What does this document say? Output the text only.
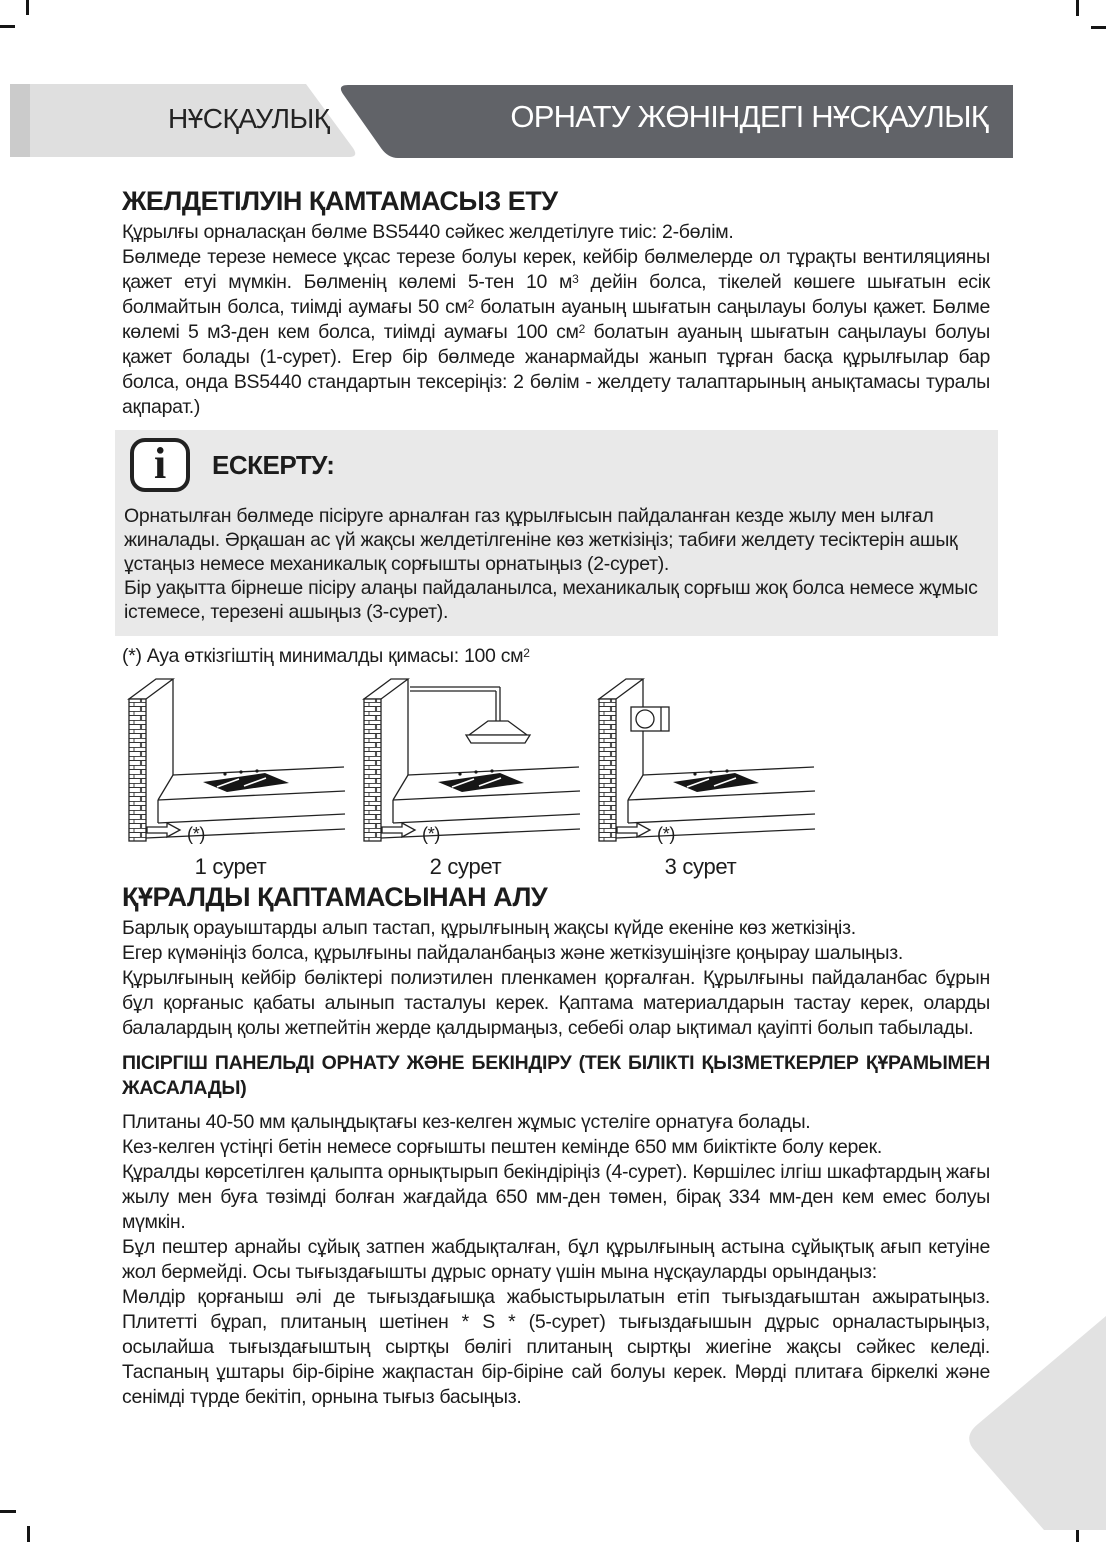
НҰСҚАУЛЫҚ	ОРНАТУ ЖӨНІНДЕГІ НҰСҚАУЛЫҚ
ЖЕЛДЕТІЛУІН ҚАМТАМАСЫЗ ЕТУ

Құрылғы орналасқан бөлме BS5440 сәйкес желдетілуге тиіс: 2-бөлім.

Бөлмеде терезе немесе ұқсас терезе болуы керек, кейбір бөлмелерде ол тұрақты вентиляцияны қажет етуі мүмкін. Бөлменің көлемі 5-тен 10 $м^3$ дейін болса, тікелей көшеге шығатын есік болмайтын болса, тиімді аумағы 50 $см^2$ болатын ауаның шығатын саңылауы болуы қажет. Бөлме көлемі 5 м3-ден кем болса, тиімді аумағы 100 $см^2$ болатын ауаның шығатын саңылауы болуы қажет болады (1-сурет). Егер бір бөлмеде жанармайды жанып тұрған басқа құрылғылар бар болса, онда BS5440 стандартын тексеріңіз: 2 бөлім - желдету талаптарының анықтамасы туралы ақпарат.)

i ЕСКЕРТУ:

Орнатылған бөлмеде пісіруге арналған газ құрылғысын пайдаланған кезде жылу мен ылғал жиналады. Әрқашан ас үй жақсы желдетілгеніне көз жеткізіңіз; табиғи желдету тесіктерін ашық ұстаңыз немесе механикалық сорғышты орнатыңыз (2-сурет).

Бір уақытта бірнеше пісіру алаңы пайдаланылса, механикалық сорғыш жоқ болса немесе жұмыс істемесе, терезені ашыңыз (3-сурет).

(*) Ауа өткізгіштің минималды қимасы: 100 $см^2$

(*)
1 сурет
(*)
2 сурет
(*)
3 сурет
ҚҰРАЛДЫ ҚАПТАМАСЫНАН АЛУ

Барлық орауыштарды алып тастап, құрылғының жақсы күйде екеніне көз жеткізіңіз.

Егер күмәніңіз болса, құрылғыны пайдаланбаңыз және жеткізушіңізге қоңырау шалыңыз.

Құрылғының кейбір бөліктері полиэтилен пленкамен қорғалған. Құрылғыны пайдаланбас бұрын бұл қорғаныс қабаты алынып тасталуы керек. Қаптама материалдарын тастау керек, оларды балалардың қолы жетпейтін жерде қалдырмаңыз, себебі олар ықтимал қауіпті болып табылады.

ПІСІРГІШ ПАНЕЛЬДІ ОРНАТУ ЖӘНЕ БЕКІНДІРУ (ТЕК БІЛІКТІ ҚЫЗМЕТКЕРЛЕР ҚҰРАМЫМЕН ЖАСАЛАДЫ)

Плитаны 40-50 мм қалыңдықтағы кез-келген жұмыс үстеліге орнатуға болады.

Кез-келген үстіңгі бетін немесе сорғышты пештен кемінде 650 мм биіктікте болу керек.

Құралды көрсетілген қалыпта орнықтырып бекіндіріңіз (4-сурет). Көршілес ілгіш шкафтардың жағы жылу мен буға төзімді болған жағдайда 650 мм-ден төмен, бірақ 334 мм-ден кем емес болуы мүмкін.

Бұл пештер арнайы сұйық затпен жабдықталған, бұл құрылғының астына сұйықтық ағып кетуіне жол бермейді. Осы тығыздағышты дұрыс орнату үшін мына нұсқауларды орындаңыз:

Мөлдір қорғаныш әлі де тығыздағышқа жабыстырылатын етіп тығыздағыштан ажыратыңыз. Плитетті бұрап, плитаның шетінен * S * (5-сурет) тығыздағышын дұрыс орналастырыңыз, осылайша тығыздағыштың сыртқы бөлігі плитаның сыртқы жиегіне жақсы сәйкес келеді. Таспаның ұштары бір-біріне жақпастан бір-біріне сай болуы керек. Мөрді плитаға біркелкі және сенімді түрде бекітіп, орнына тығыз басыңыз.
